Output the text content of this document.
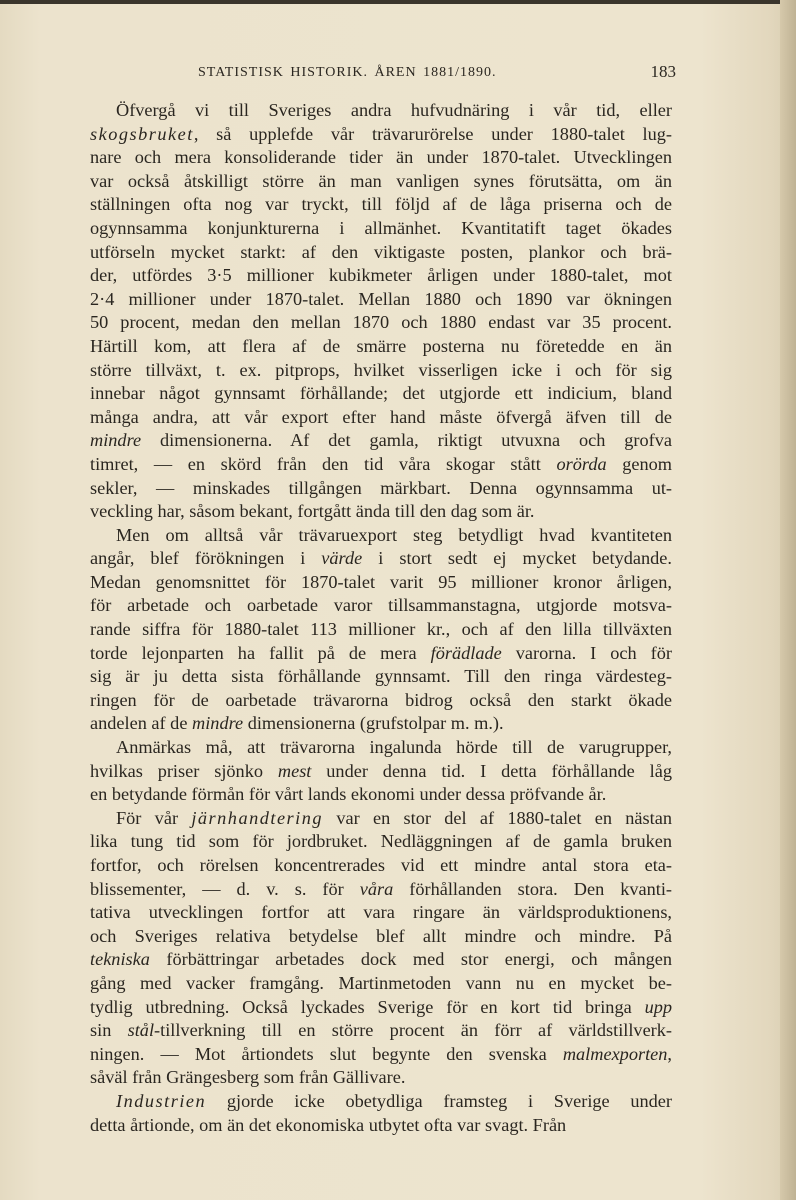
STATISTISK HISTORIK. ÅREN 1881/1890.	183
Öfvergå vi till Sveriges andra hufvudnäring i vår tid, eller
skogsbruket, så upplefde vår trävarurörelse under 1880-talet lug-
nare och mera konsoliderande tider än under 1870-talet. Utvecklingen
var också åtskilligt större än man vanligen synes förutsätta, om än
ställningen ofta nog var tryckt, till följd af de låga priserna och de
ogynnsamma konjunkturerna i allmänhet. Kvantitatift taget ökades
utförseln mycket starkt: af den viktigaste posten, plankor och brä-
der, utfördes 3·5 millioner kubikmeter årligen under 1880-talet, mot
2·4 millioner under 1870-talet. Mellan 1880 och 1890 var ökningen
50 procent, medan den mellan 1870 och 1880 endast var 35 procent.
Härtill kom, att flera af de smärre posterna nu företedde en än
större tillväxt, t. ex. pitprops, hvilket visserligen icke i och för sig
innebar något gynnsamt förhållande; det utgjorde ett indicium, bland
många andra, att vår export efter hand måste öfvergå äfven till de
mindre dimensionerna. Af det gamla, riktigt utvuxna och grofva
timret, — en skörd från den tid våra skogar stått orörda genom
sekler, — minskades tillgången märkbart. Denna ogynnsamma ut-
veckling har, såsom bekant, fortgått ända till den dag som är.
Men om alltså vår trävaruexport steg betydligt hvad kvantiteten
angår, blef förökningen i värde i stort sedt ej mycket betydande.
Medan genomsnittet för 1870-talet varit 95 millioner kronor årligen,
för arbetade och oarbetade varor tillsammanstagna, utgjorde motsva-
rande siffra för 1880-talet 113 millioner kr., och af den lilla tillväxten
torde lejonparten ha fallit på de mera förädlade varorna. I och för
sig är ju detta sista förhållande gynnsamt. Till den ringa värdesteg-
ringen för de oarbetade trävarorna bidrog också den starkt ökade
andelen af de mindre dimensionerna (grufstolpar m. m.).
Anmärkas må, att trävarorna ingalunda hörde till de varugrupper,
hvilkas priser sjönko mest under denna tid. I detta förhållande låg
en betydande förmån för vårt lands ekonomi under dessa pröfvande år.
För vår järnhandtering var en stor del af 1880-talet en nästan
lika tung tid som för jordbruket. Nedläggningen af de gamla bruken
fortfor, och rörelsen koncentrerades vid ett mindre antal stora eta-
blissementer, — d. v. s. för våra förhållanden stora. Den kvanti-
tativa utvecklingen fortfor att vara ringare än världsproduktionens,
och Sveriges relativa betydelse blef allt mindre och mindre. På
tekniska förbättringar arbetades dock med stor energi, och mången
gång med vacker framgång. Martinmetoden vann nu en mycket be-
tydlig utbredning. Också lyckades Sverige för en kort tid bringa upp
sin stål-tillverkning till en större procent än förr af världstillverk-
ningen. — Mot årtiondets slut begynte den svenska malmexporten,
såväl från Grängesberg som från Gällivare.
Industrien gjorde icke obetydliga framsteg i Sverige under
detta årtionde, om än det ekonomiska utbytet ofta var svagt. Från
